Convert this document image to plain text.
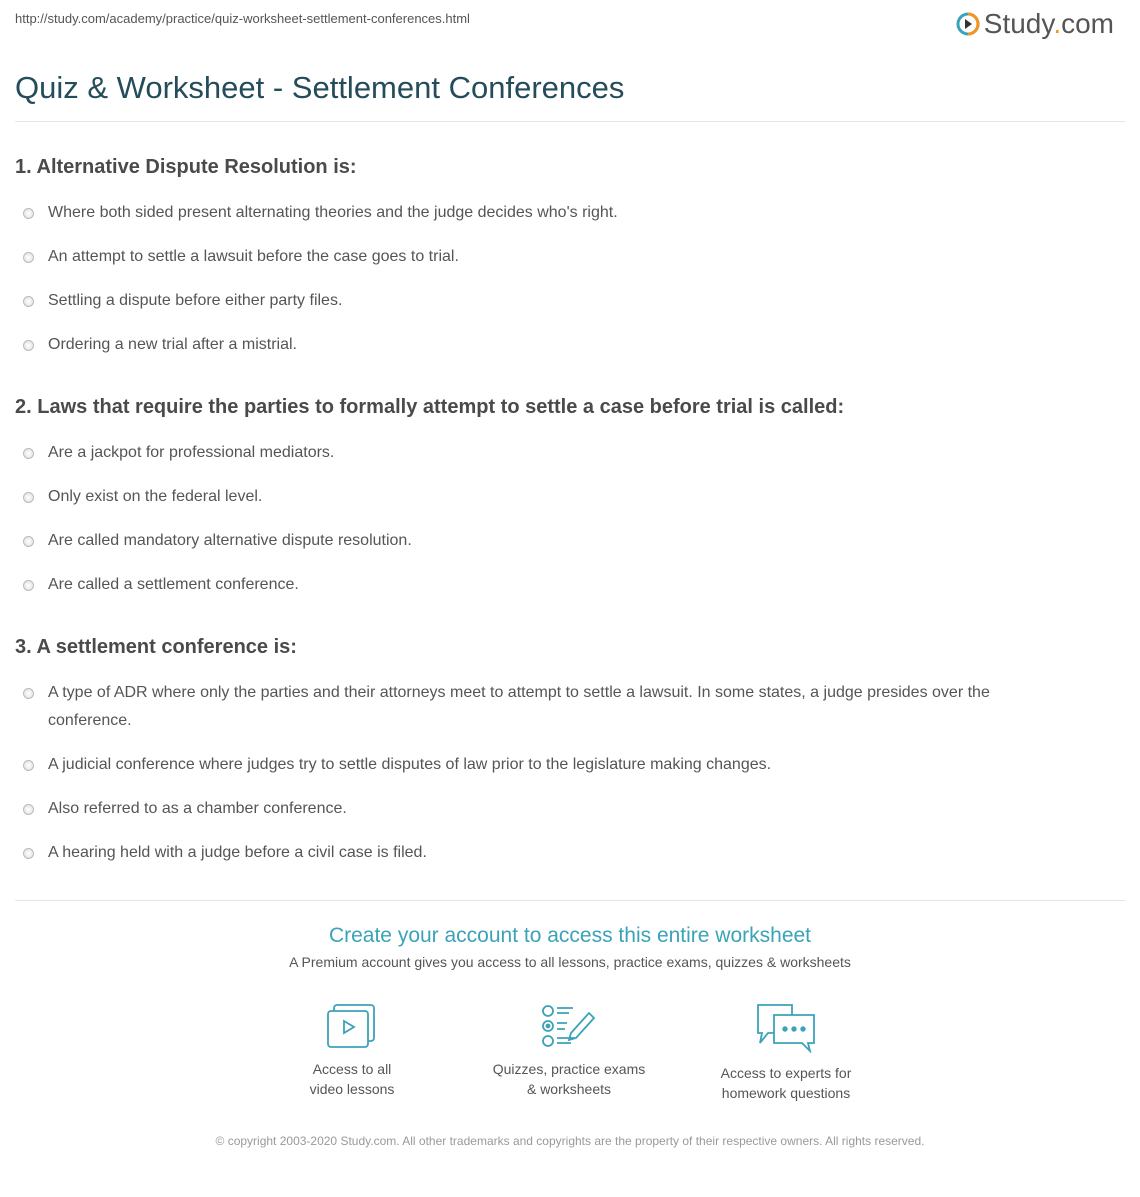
http://study.com/academy/practice/quiz-worksheet-settlement-conferences.html	Study.com
Quiz & Worksheet - Settlement Conferences
1. Alternative Dispute Resolution is:
Where both sided present alternating theories and the judge decides who's right.
An attempt to settle a lawsuit before the case goes to trial.
Settling a dispute before either party files.
Ordering a new trial after a mistrial.
2. Laws that require the parties to formally attempt to settle a case before trial is called:
Are a jackpot for professional mediators.
Only exist on the federal level.
Are called mandatory alternative dispute resolution.
Are called a settlement conference.
3. A settlement conference is:
A type of ADR where only the parties and their attorneys meet to attempt to settle a lawsuit. In some states, a judge presides over the conference.
A judicial conference where judges try to settle disputes of law prior to the legislature making changes.
Also referred to as a chamber conference.
A hearing held with a judge before a civil case is filed.
Create your account to access this entire worksheet
A Premium account gives you access to all lessons, practice exams, quizzes & worksheets
Access to all
video lessons
Quizzes, practice exams
& worksheets
Access to experts for
homework questions
© copyright 2003-2020 Study.com. All other trademarks and copyrights are the property of their respective owners. All rights reserved.
